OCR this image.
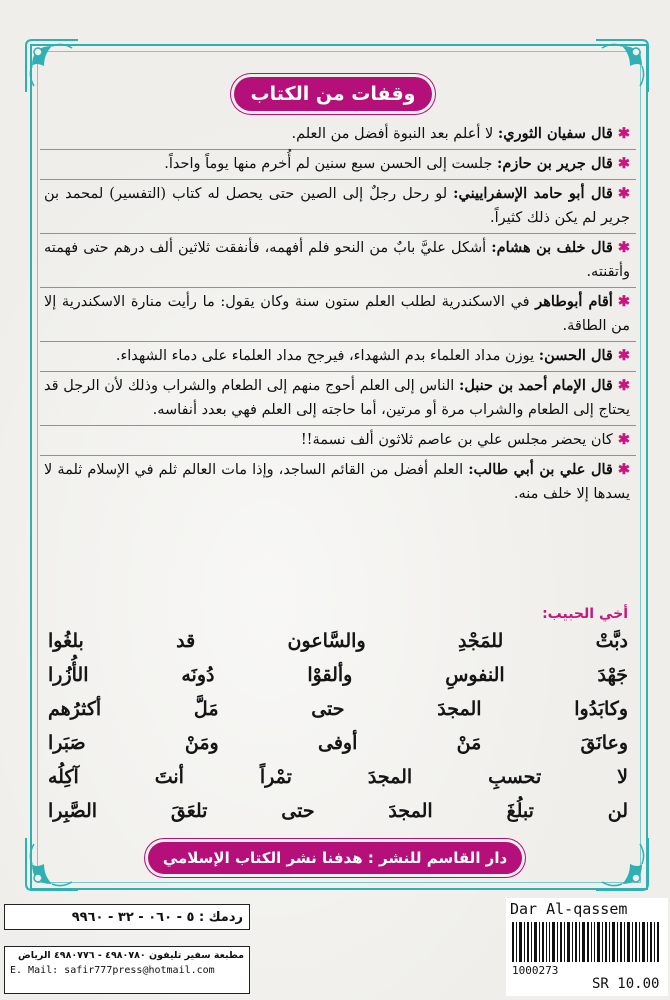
وقفات من الكتاب
✱قال سفيان الثوري: لا أعلم بعد النبوة أفضل من العلم.
✱قال جرير بن حازم: جلست إلى الحسن سبع سنين لم أُخرم منها يوماً واحداً.
✱قال أبو حامد الإسفراييني: لو رحل رجلٌ إلى الصين حتى يحصل له كتاب (التفسير) لمحمد بن جرير لم يكن ذلك كثيراً.
✱قال خلف بن هشام: أشكل عليَّ بابٌ من النحو فلم أفهمه، فأنفقت ثلاثين ألف درهم حتى فهمته وأتقنته.
✱أقام أبوطاهر في الاسكندرية لطلب العلم ستون سنة وكان يقول: ما رأيت منارة الاسكندرية إلا من الطاقة.
✱قال الحسن: يوزن مداد العلماء بدم الشهداء، فيرجح مداد العلماء على دماء الشهداء.
✱قال الإمام أحمد بن حنبل: الناس إلى العلم أحوج منهم إلى الطعام والشراب وذلك لأن الرجل قد يحتاج إلى الطعام والشراب مرة أو مرتين، أما حاجته إلى العلم فهي بعدد أنفاسه.
✱كان يحضر مجلس علي بن عاصم ثلاثون ألف نسمة!!
✱قال علي بن أبي طالب: العلم أفضل من القائم الساجد، وإذا مات العالم ثلم في الإسلام ثلمة لا يسدها إلا خلف منه.
أخي الحبيب:
دبَّتْ للمَجْدِ والسَّاعون قد بلغُوا
جَهْدَ النفوسِ وألقوْا دُونَه الأُزُرا
وكابَدُوا المجدَ حتى مَلَّ أكثرُهم
وعانَقَ مَنْ أوفى ومَنْ صَبَرا
لا تحسبِ المجدَ تمْراً أنتَ آكِلُه
لن تبلُغَ المجدَ حتى تلعَقَ الصَّبِرا
دار القاسم للنشر : هدفنا نشر الكتاب الإسلامي
ردمك : ٥ - ٠٦٠ - ٣٢ - ٩٩٦٠
مطبعة سفير تليفون ٤٩٨٠٧٨٠ - ٤٩٨٠٧٧٦ الرياض
E. Mail: safir777press@hotmail.com
Dar Al-qassem
1000273
SR 10.00
